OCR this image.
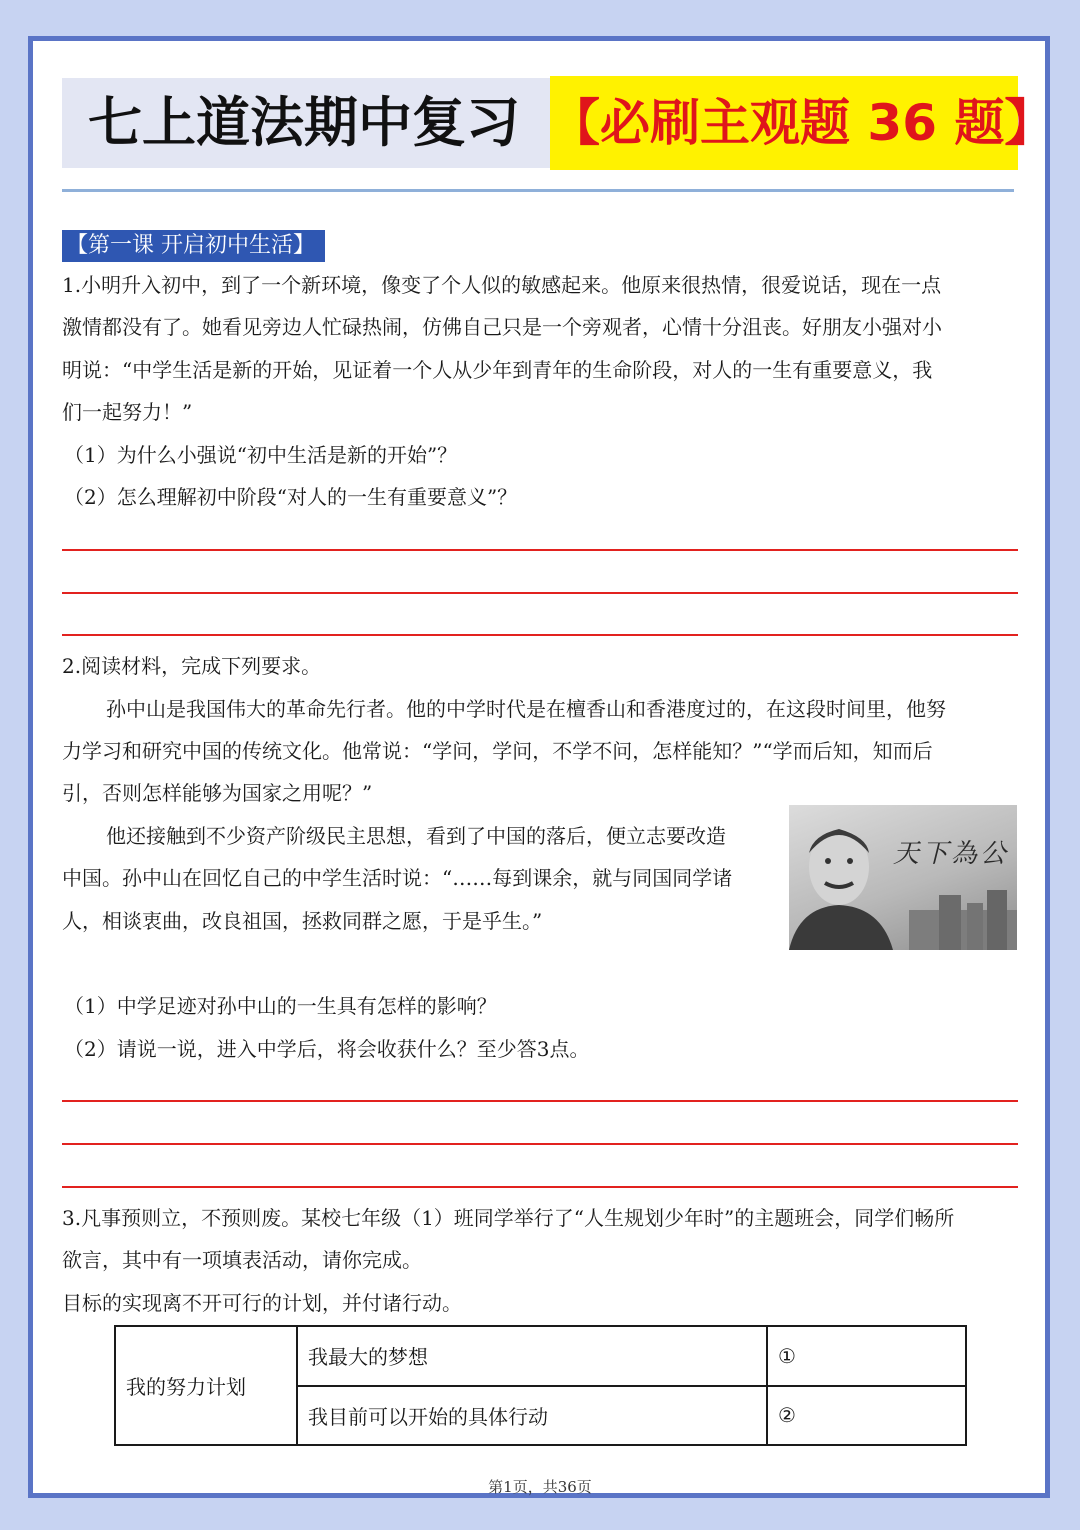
七上道法期中复习 【必刷主观题 36 题】
【第一课 开启初中生活】

1.小明升入初中，到了一个新环境，像变了个人似的敏感起来。他原来很热情，很爱说话，现在一点

激情都没有了。她看见旁边人忙碌热闹，仿佛自己只是一个旁观者，心情十分沮丧。好朋友小强对小

明说：“中学生活是新的开始，见证着一个人从少年到青年的生命阶段，对人的一生有重要意义，我

们一起努力！”

（1）为什么小强说“初中生活是新的开始”？

（2）怎么理解初中阶段“对人的一生有重要意义”？

2.阅读材料，完成下列要求。

孙中山是我国伟大的革命先行者。他的中学时代是在檀香山和香港度过的，在这段时间里，他努

力学习和研究中国的传统文化。他常说：“学问，学问，不学不问，怎样能知？”“学而后知，知而后

引，否则怎样能够为国家之用呢？”

他还接触到不少资产阶级民主思想，看到了中国的落后，便立志要改造

中国。孙中山在回忆自己的中学生活时说：“……每到课余，就与同国同学诸

人，相谈衷曲，改良祖国，拯救同群之愿，于是乎生。”

天下為公

（1）中学足迹对孙中山的一生具有怎样的影响？

（2）请说一说，进入中学后，将会收获什么？至少答3点。

3.凡事预则立，不预则废。某校七年级（1）班同学举行了“人生规划少年时”的主题班会，同学们畅所

欲言，其中有一项填表活动，请你完成。

目标的实现离不开可行的计划，并付诸行动。

我的努力计划	我最大的梦想	①
	我目前可以开始的具体行动	②
第1页，共36页
